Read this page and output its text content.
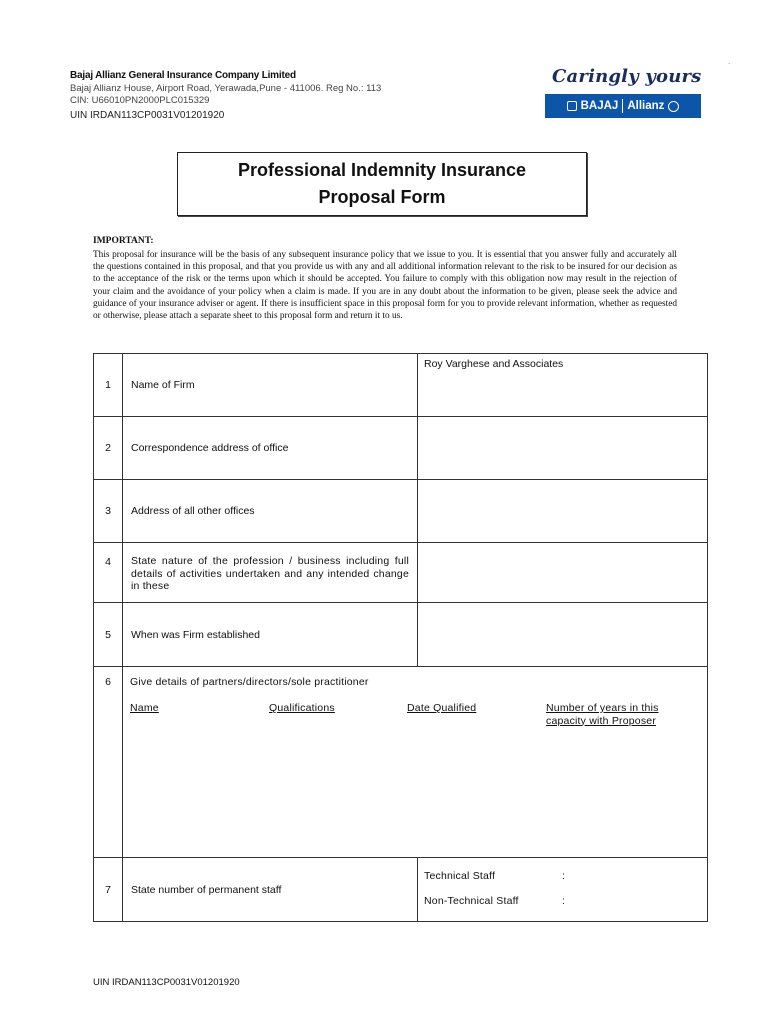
.
Bajaj Allianz General Insurance Company Limited
Bajaj Allianz House, Airport Road, Yerawada,Pune - 411006. Reg No.: 113
CIN: U66010PN2000PLC015329
UIN IRDAN113CP0031V01201920
Caringly yours
BAJAJ Allianz
Professional Indemnity Insurance
Proposal Form
IMPORTANT:
This proposal for insurance will be the basis of any subsequent insurance policy that we issue to you. It is essential that you answer fully and accurately all the questions contained in this proposal, and that you provide us with any and all additional information relevant to the risk to be insured for our decision as to the acceptance of the risk or the terms upon which it should be accepted. You failure to comply with this obligation now may result in the rejection of your claim and the avoidance of your policy when a claim is made. If you are in any doubt about the information to be given, please seek the advice and guidance of your insurance adviser or agent. If there is insufficient space in this proposal form for you to provide relevant information, whether as requested or otherwise, please attach a separate sheet to this proposal form and return it to us.
1	Name of Firm	Roy Varghese and Associates
2	Correspondence address of office	
3	Address of all other offices	
4	State nature of the profession / business including full details of activities undertaken and any intended change in these	

5	When was Firm established	
6	Give details of partners/directors/sole practitioner
Name Qualifications Date Qualified Number of years in this capacity with Proposer	

7	State number of permanent staff	Technical Staff :
Non-Technical Staff :
UIN IRDAN113CP0031V01201920
